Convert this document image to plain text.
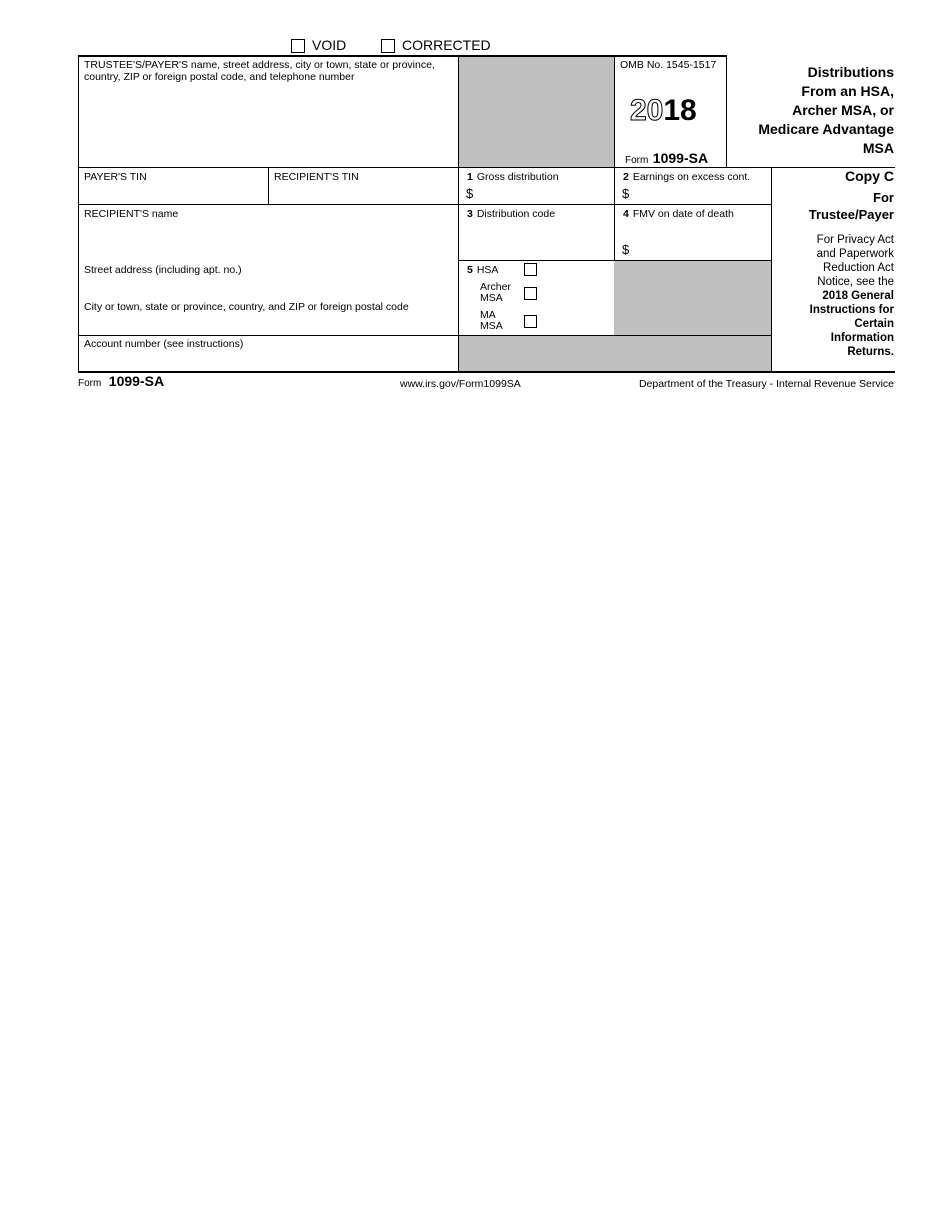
VOID	CORRECTED
TRUSTEE'S/PAYER'S name, street address, city or town, state or province, country, ZIP or foreign postal code, and telephone number
OMB No. 1545-1517
2018
Form 1099-SA
Distributions
From an HSA,
Archer MSA, or
Medicare Advantage
MSA
PAYER'S TIN	RECIPIENT'S TIN	1 Gross distribution
$
2 Earnings on excess cont.
$
Copy C
For
Trustee/Payer
For Privacy Act
and Paperwork
Reduction Act
Notice, see the
2018 General
Instructions for
Certain
Information
Returns.
RECIPIENT'S name
Street address (including apt. no.)
City or town, state or province, country, and ZIP or foreign postal code
3 Distribution code	4 FMV on date of death
$
5 HSA
Archer
MSA
MA
MSA
Account number (see instructions)
Form 1099-SA	www.irs.gov/Form1099SA	Department of the Treasury - Internal Revenue Service
